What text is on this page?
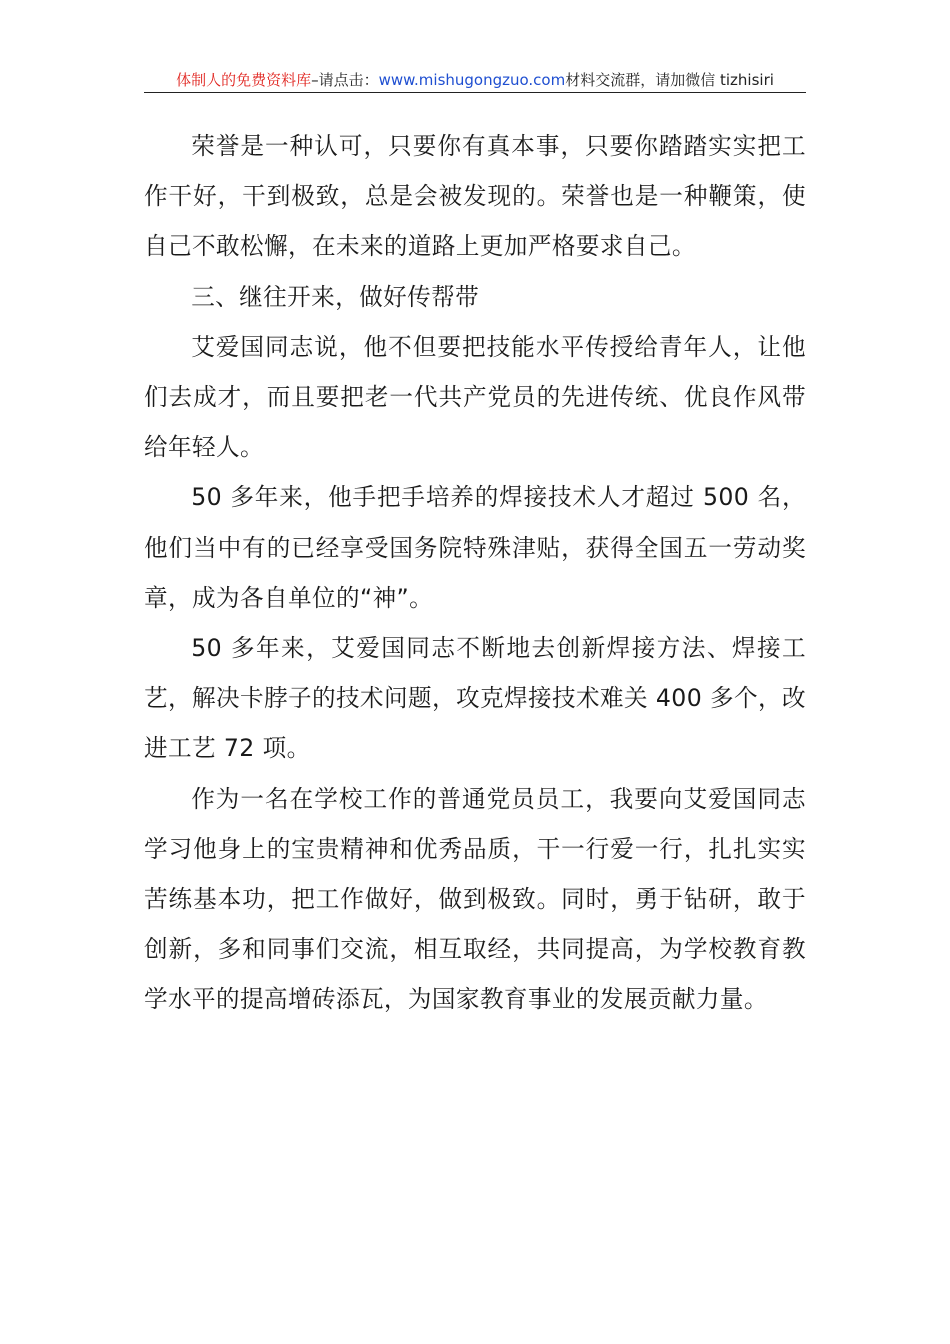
体制人的免费资料库–请点击：www.mishugongzuo.com材料交流群，请加微信 tizhisiri

荣誉是一种认可，只要你有真本事，只要你踏踏实实把工作干好，干到极致，总是会被发现的。荣誉也是一种鞭策，使自己不敢松懈，在未来的道路上更加严格要求自己。

三、继往开来，做好传帮带

艾爱国同志说，他不但要把技能水平传授给青年人，让他们去成才，而且要把老一代共产党员的先进传统、优良作风带给年轻人。

50 多年来，他手把手培养的焊接技术人才超过 500 名，他们当中有的已经享受国务院特殊津贴，获得全国五一劳动奖章，成为各自单位的“神”。

50 多年来，艾爱国同志不断地去创新焊接方法、焊接工艺，解决卡脖子的技术问题，攻克焊接技术难关 400 多个，改进工艺 72 项。

作为一名在学校工作的普通党员员工，我要向艾爱国同志学习他身上的宝贵精神和优秀品质，干一行爱一行，扎扎实实苦练基本功，把工作做好，做到极致。同时，勇于钻研，敢于创新，多和同事们交流，相互取经，共同提高，为学校教育教学水平的提高增砖添瓦，为国家教育事业的发展贡献力量。
